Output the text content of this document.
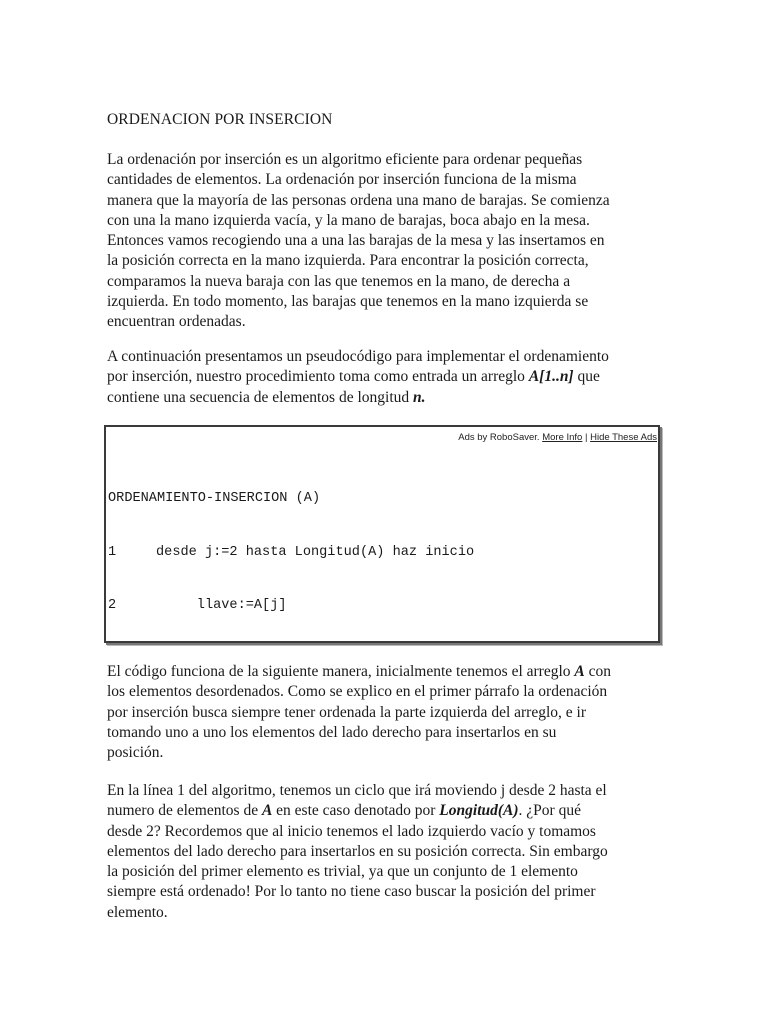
ORDENACION POR INSERCION
La ordenación por inserción es un algoritmo eficiente para ordenar pequeñas
cantidades de elementos. La ordenación por inserción funciona de la misma
manera que la mayoría de las personas ordena una mano de barajas. Se comienza
con una la mano izquierda vacía, y la mano de barajas, boca abajo en la mesa.
Entonces vamos recogiendo una a una las barajas de la mesa y las insertamos en
la posición correcta en la mano izquierda. Para encontrar la posición correcta,
comparamos la nueva baraja con las que tenemos en la mano, de derecha a
izquierda. En todo momento, las barajas que tenemos en la mano izquierda se
encuentran ordenadas.
A continuación presentamos un pseudocódigo para implementar el ordenamiento
por inserción, nuestro procedimiento toma como entrada un arreglo A[1..n] que
contiene una secuencia de elementos de longitud n.
Ads by RoboSaver. More Info | Hide These Ads

ORDENAMIENTO-INSERCION (A)

1	desde j:=2 hasta Longitud(A) haz inicio

2	llave:=A[j]

El código funciona de la siguiente manera, inicialmente tenemos el arreglo A con
los elementos desordenados. Como se explico en el primer párrafo la ordenación
por inserción busca siempre tener ordenada la parte izquierda del arreglo, e ir
tomando uno a uno los elementos del lado derecho para insertarlos en su
posición.
En la línea 1 del algoritmo, tenemos un ciclo que irá moviendo j desde 2 hasta el
numero de elementos de A en este caso denotado por Longitud(A). ¿Por qué
desde 2? Recordemos que al inicio tenemos el lado izquierdo vacío y tomamos
elementos del lado derecho para insertarlos en su posición correcta. Sin embargo
la posición del primer elemento es trivial, ya que un conjunto de 1 elemento
siempre está ordenado! Por lo tanto no tiene caso buscar la posición del primer
elemento.
